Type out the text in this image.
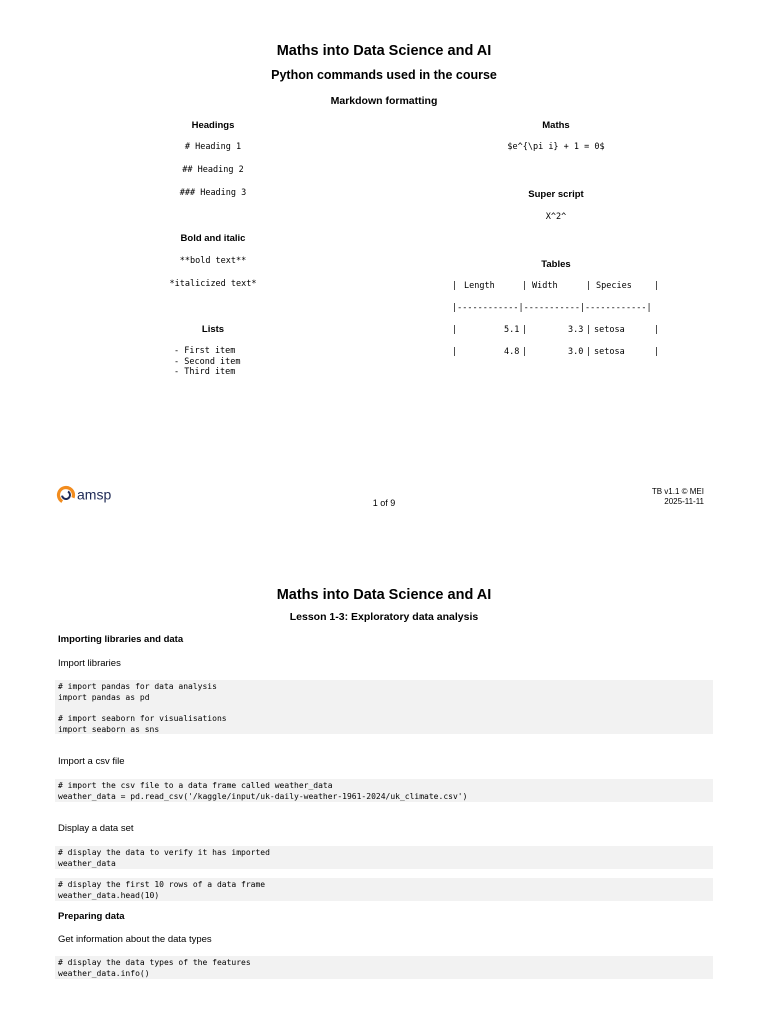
Maths into Data Science and AI
Python commands used in the course
Markdown formatting
Headings
# Heading 1
## Heading 2
### Heading 3
Bold and italic
**bold text**
*italicized text*
Lists
- First item
- Second item
- Third item
Maths
$e^{\pi i} + 1 = 0$
Super script
X^2^
Tables
| Length	| Width	| Species	|
|------------|-----------|------------|
|	5.1 |	3.3 | setosa	|
|	4.8 |	3.0 | setosa	|
amsp
1 of 9
TB v1.1 © MEI
2025-11-11
Maths into Data Science and AI
Lesson 1-3: Exploratory data analysis
Importing libraries and data
Import libraries
# import pandas for data analysis
import pandas as pd
# import seaborn for visualisations
import seaborn as sns
Import a csv file
# import the csv file to a data frame called weather_data
weather_data = pd.read_csv('/kaggle/input/uk-daily-weather-1961-2024/uk_climate.csv')
Display a data set
# display the data to verify it has imported
weather_data
# display the first 10 rows of a data frame
weather_data.head(10)
Preparing data
Get information about the data types
# display the data types of the features
weather_data.info()
